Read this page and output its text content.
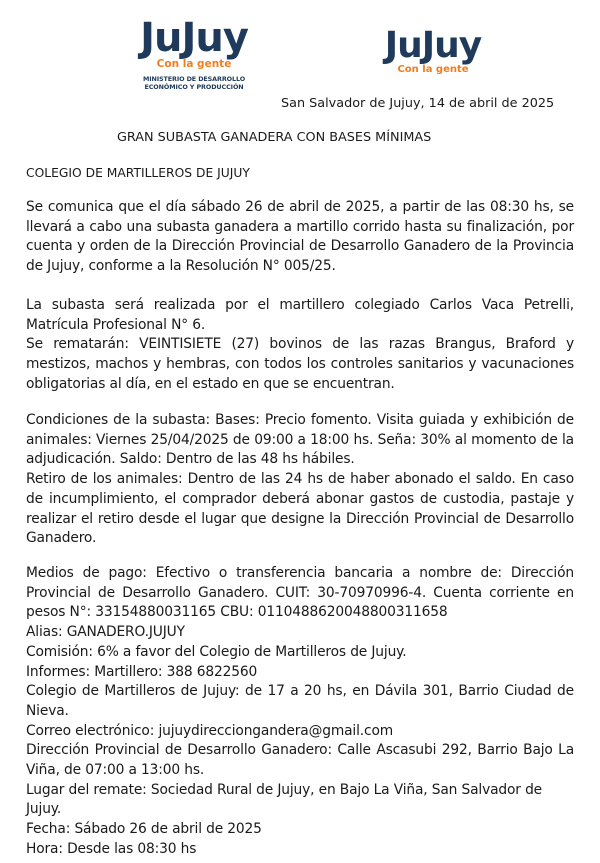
JuJuy
Con la gente
MINISTERIO DE DESARROLLO
ECONÓMICO Y PRODUCCIÓN
JuJuy
Con la gente
San Salvador de Jujuy, 14 de abril de 2025
GRAN SUBASTA GANADERA CON BASES MÍNIMAS
COLEGIO DE MARTILLEROS DE JUJUY

Se comunica que el día sábado 26 de abril de 2025, a partir de las 08:30 hs, se llevará a cabo una subasta ganadera a martillo corrido hasta su finalización, por cuenta y orden de la Dirección Provincial de Desarrollo Ganadero de la Provincia de Jujuy, conforme a la Resolución N° 005/25.

La subasta será realizada por el martillero colegiado Carlos Vaca Petrelli, Matrícula Profesional N° 6.

Se rematarán: VEINTISIETE (27) bovinos de las razas Brangus, Braford y mestizos, machos y hembras, con todos los controles sanitarios y vacunaciones obligatorias al día, en el estado en que se encuentran.

Condiciones de la subasta: Bases: Precio fomento. Visita guiada y exhibición de animales: Viernes 25/04/2025 de 09:00 a 18:00 hs. Seña: 30% al momento de la adjudicación. Saldo: Dentro de las 48 hs hábiles.

Retiro de los animales: Dentro de las 24 hs de haber abonado el saldo. En caso de incumplimiento, el comprador deberá abonar gastos de custodia, pastaje y realizar el retiro desde el lugar que designe la Dirección Provincial de Desarrollo Ganadero.

Medios de pago: Efectivo o transferencia bancaria a nombre de: Dirección Provincial de Desarrollo Ganadero. CUIT: 30-70970996-4. Cuenta corriente en pesos N°: 33154880031165 CBU: 0110488620048800311658

Alias: GANADERO.JUJUY

Comisión: 6% a favor del Colegio de Martilleros de Jujuy.

Informes: Martillero: 388 6822560

Colegio de Martilleros de Jujuy: de 17 a 20 hs, en Dávila 301, Barrio Ciudad de Nieva.

Correo electrónico: jujuydirecciongandera@gmail.com

Dirección Provincial de Desarrollo Ganadero: Calle Ascasubi 292, Barrio Bajo La Viña, de 07:00 a 13:00 hs.

Lugar del remate: Sociedad Rural de Jujuy, en Bajo La Viña, San Salvador de Jujuy.

Fecha: Sábado 26 de abril de 2025

Hora: Desde las 08:30 hs
